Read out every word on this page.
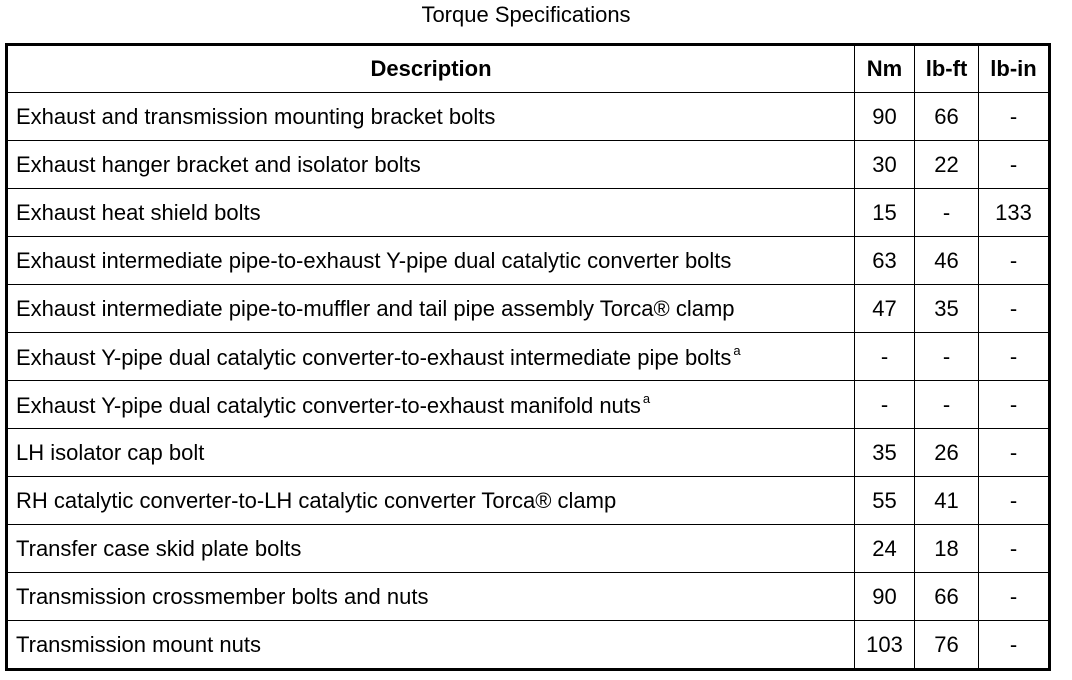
Torque Specifications
Description	Nm	lb-ft	lb-in
Exhaust and transmission mounting bracket bolts	90	66	-
Exhaust hanger bracket and isolator bolts	30	22	-
Exhaust heat shield bolts	15	-	133
Exhaust intermediate pipe-to-exhaust Y-pipe dual catalytic converter bolts	63	46	-
Exhaust intermediate pipe-to-muffler and tail pipe assembly Torca® clamp	47	35	-
Exhaust Y-pipe dual catalytic converter-to-exhaust intermediate pipe bolts $^a$	-	-	-
Exhaust Y-pipe dual catalytic converter-to-exhaust manifold nuts $^a$	-	-	-
LH isolator cap bolt	35	26	-
RH catalytic converter-to-LH catalytic converter Torca® clamp	55	41	-
Transfer case skid plate bolts	24	18	-
Transmission crossmember bolts and nuts	90	66	-
Transmission mount nuts	103	76	-
